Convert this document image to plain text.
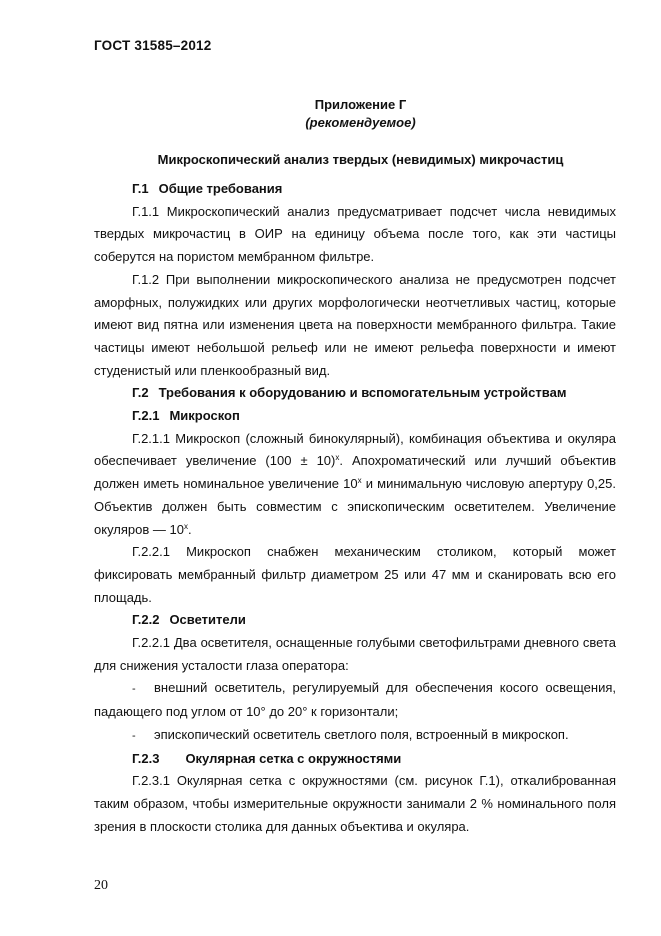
ГОСТ 31585–2012
Приложение Г
(рекомендуемое)
Микроскопический анализ твердых (невидимых) микрочастиц

Г.1 Общие требования

Г.1.1 Микроскопический анализ предусматривает подсчет числа невидимых твердых микрочастиц в ОИР на единицу объема после того, как эти частицы соберутся на пористом мембранном фильтре.

Г.1.2 При выполнении микроскопического анализа не предусмотрен подсчет аморфных, полужидких или других морфологически неотчетливых частиц, которые имеют вид пятна или изменения цвета на поверхности мембранного фильтра. Такие частицы имеют небольшой рельеф или не имеют рельефа поверхности и имеют студенистый или пленкообразный вид.

Г.2 Требования к оборудованию и вспомогательным устройствам

Г.2.1 Микроскоп

Г.2.1.1 Микроскоп (сложный бинокулярный), комбинация объектива и окуляра обеспечивает увеличение $(100 \pm 10)^х$. Апохроматический или лучший объектив должен иметь номинальное увеличение $10^х$ и минимальную числовую апертуру 0,25. Объектив должен быть совместим с эпископическим осветителем. Увеличение окуляров — $10^х$.

Г.2.2.1 Микроскоп снабжен механическим столиком, который может фиксировать мембранный фильтр диаметром 25 или 47 мм и сканировать всю его площадь.

Г.2.2 Осветители

Г.2.2.1 Два осветителя, оснащенные голубыми светофильтрами дневного света для снижения усталости глаза оператора:

- внешний осветитель, регулируемый для обеспечения косого освещения, падающего под углом от 10° до 20° к горизонтали;

- эпископический осветитель светлого поля, встроенный в микроскоп.

Г.2.3 Окулярная сетка с окружностями

Г.2.3.1 Окулярная сетка с окружностями (см. рисунок Г.1), откалиброванная таким образом, чтобы измерительные окружности занимали 2 % номинального поля зрения в плоскости столика для данных объектива и окуляра.

20
